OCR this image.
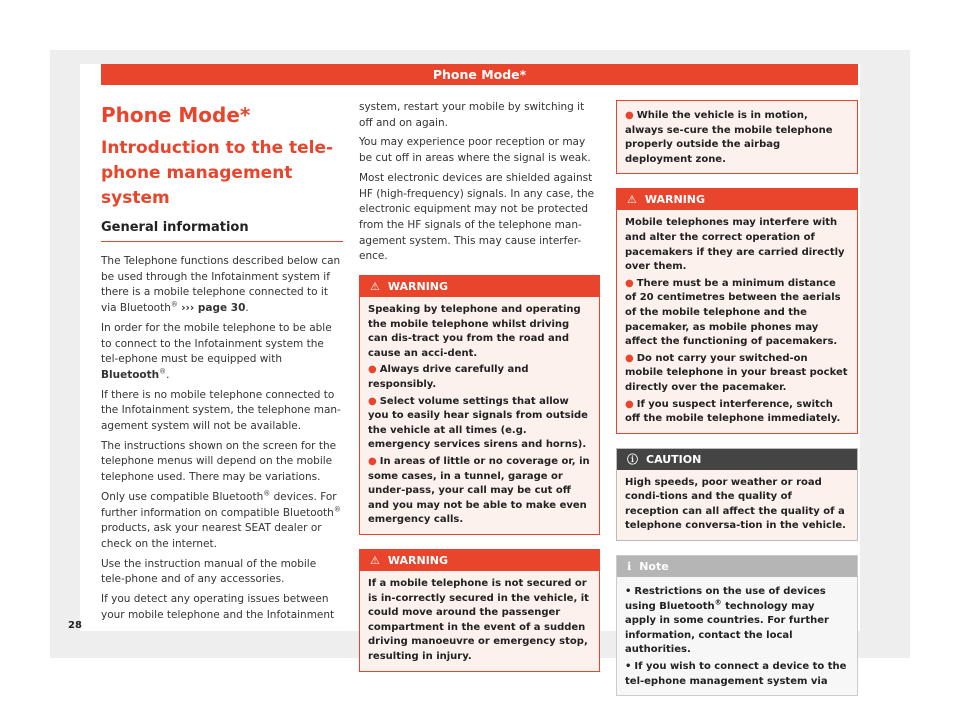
Phone Mode*
Phone Mode*
Introduction to the tele-phone management system
General information

The Telephone functions described below can be used through the Infotainment system if there is a mobile telephone connected to it via Bluetooth® ››› page 30.

In order for the mobile telephone to be able to connect to the Infotainment system the tel-ephone must be equipped with Bluetooth®.

If there is no mobile telephone connected to the Infotainment system, the telephone man-agement system will not be available.

The instructions shown on the screen for the telephone menus will depend on the mobile telephone used. There may be variations.

Only use compatible Bluetooth® devices. For further information on compatible Bluetooth® products, ask your nearest SEAT dealer or check on the internet.

Use the instruction manual of the mobile tele-phone and of any accessories.

If you detect any operating issues between your mobile telephone and the Infotainment

system, restart your mobile by switching it off and on again.

You may experience poor reception or may be cut off in areas where the signal is weak.

Most electronic devices are shielded against HF (high-frequency) signals. In any case, the electronic equipment may not be protected from the HF signals of the telephone man-agement system. This may cause interfer-ence.

⚠ WARNING

Speaking by telephone and operating the mobile telephone whilst driving can dis-tract you from the road and cause an acci-dent.

● Always drive carefully and responsibly.
● Select volume settings that allow you to easily hear signals from outside the vehicle at all times (e.g. emergency services sirens and horns).
● In areas of little or no coverage or, in some cases, in a tunnel, garage or under-pass, your call may be cut off and you may not be able to make even emergency calls.
⚠ WARNING

If a mobile telephone is not secured or is in-correctly secured in the vehicle, it could move around the passenger compartment in the event of a sudden driving manoeuvre or emergency stop, resulting in injury.

● While the vehicle is in motion, always se-cure the mobile telephone properly outside the airbag deployment zone.
⚠ WARNING

Mobile telephones may interfere with and alter the correct operation of pacemakers if they are carried directly over them.

● There must be a minimum distance of 20 centimetres between the aerials of the mobile telephone and the pacemaker, as mobile phones may affect the functioning of pacemakers.
● Do not carry your switched-on mobile telephone in your breast pocket directly over the pacemaker.
● If you suspect interference, switch off the mobile telephone immediately.
ⓘ CAUTION

High speeds, poor weather or road condi-tions and the quality of reception can all affect the quality of a telephone conversa-tion in the vehicle.

ℹ Note
• Restrictions on the use of devices using Bluetooth® technology may apply in some countries. For further information, contact the local authorities.
• If you wish to connect a device to the tel-ephone management system via
28
